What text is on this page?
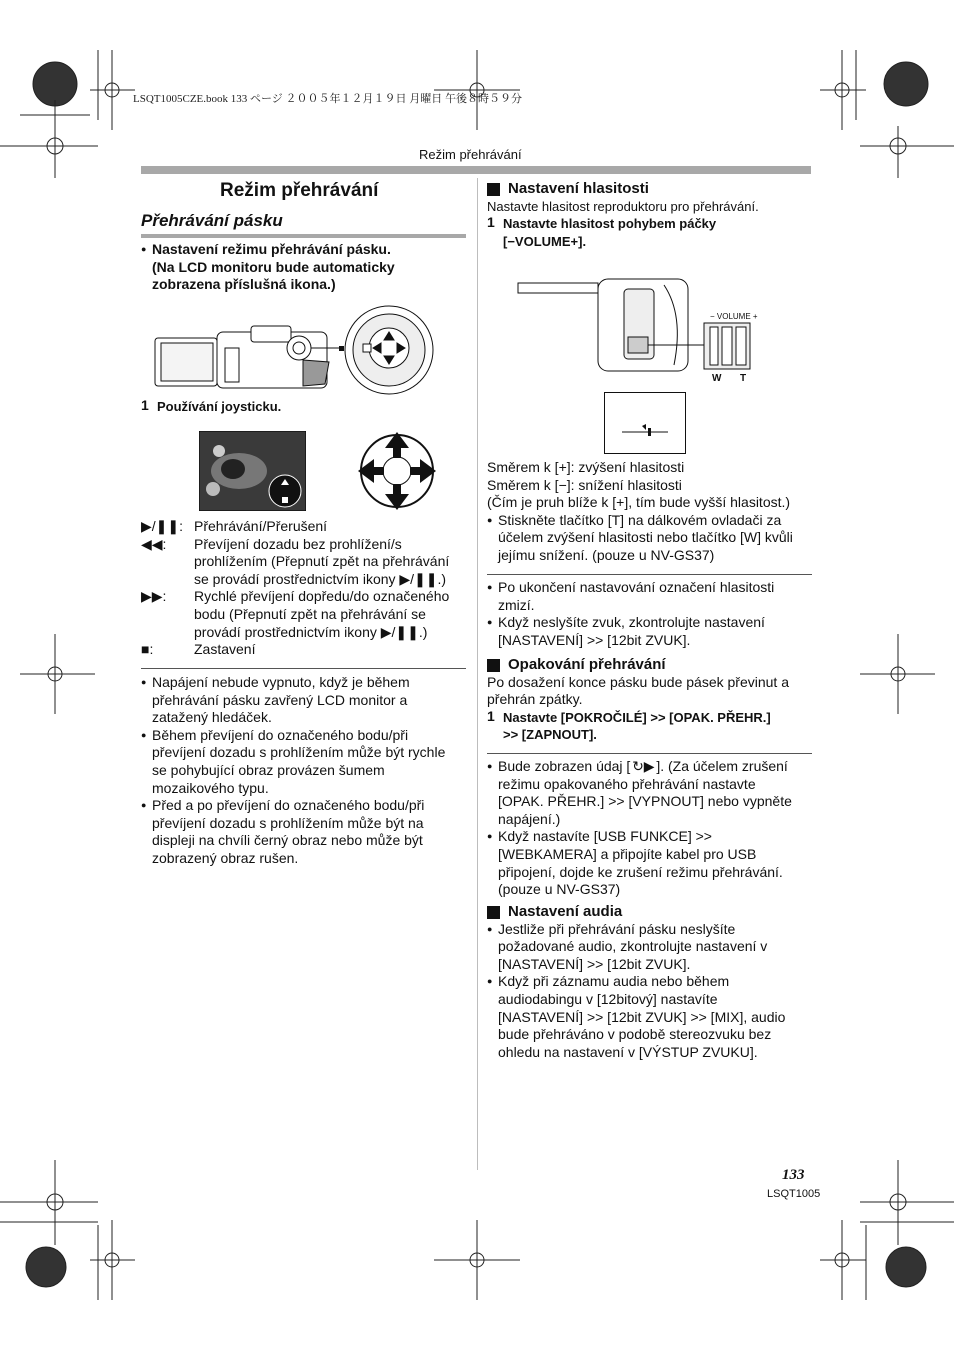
LSQT1005CZE.book 133 ページ ２００５年１２月１９日 月曜日 午後８時５９分
Režim přehrávání
Režim přehrávání
Přehrávání pásku
● Nastavení režimu přehrávání pásku.
(Na LCD monitoru bude automaticky
zobrazena příslušná ikona.)
1 Používání joysticku.
▶/❚❚: Přehrávání/Přerušení
◀◀: Převíjení dozadu bez prohlížení/s
prohlížením (Přepnutí zpět na přehrávání
se provádí prostřednictvím ikony ▶/❚❚.)
▶▶: Rychlé převíjení dopředu/do označeného
bodu (Přepnutí zpět na přehrávání se
provádí prostřednictvím ikony ▶/❚❚.)
■:	Zastavení
● Napájení nebude vypnuto, když je během
přehrávání pásku zavřený LCD monitor a
zatažený hledáček.
● Během převíjení do označeného bodu/při
převíjení dozadu s prohlížením může být rychle
se pohybující obraz provázen šumem
mozaikového typu.
● Před a po převíjení do označeného bodu/při
převíjení dozadu s prohlížením může být na
displeji na chvíli černý obraz nebo může být
zobrazený obraz rušen.
Nastavení hlasitosti
Nastavte hlasitost reproduktoru pro přehrávání.
1 Nastavte hlasitost pohybem páčky
[−VOLUME+].
− VOLUME +
W T
Směrem k [+]: zvýšení hlasitosti
Směrem k [−]: snížení hlasitosti
(Čím je pruh blíže k [+], tím bude vyšší hlasitost.)
● Stiskněte tlačítko [T] na dálkovém ovladači za
účelem zvýšení hlasitosti nebo tlačítko [W] kvůli
jejímu snížení. (pouze u NV-GS37)
● Po ukončení nastavování označení hlasitosti
zmizí.
● Když neslyšíte zvuk, zkontrolujte nastavení
[NASTAVENÍ] >> [12bit ZVUK].
Opakování přehrávání
Po dosažení konce pásku bude pásek převinut a
přehrán zpátky.
1 Nastavte [POKROČILÉ] >> [OPAK. PŘEHR.]
>> [ZAPNOUT].
● Bude zobrazen údaj [ ↻▶ ]. (Za účelem zrušení
režimu opakovaného přehrávání nastavte
[OPAK. PŘEHR.] >> [VYPNOUT] nebo vypněte
napájení.)
● Když nastavíte [USB FUNKCE] >>
[WEBKAMERA] a připojíte kabel pro USB
připojení, dojde ke zrušení režimu přehrávání.
(pouze u NV-GS37)
Nastavení audia
● Jestliže při přehrávání pásku neslyšíte
požadované audio, zkontrolujte nastavení v
[NASTAVENÍ] >> [12bit ZVUK].
● Když při záznamu audia nebo během
audiodabingu v [12bitový] nastavíte
[NASTAVENÍ] >> [12bit ZVUK] >> [MIX], audio
bude přehráváno v podobě stereozvuku bez
ohledu na nastavení v [VÝSTUP ZVUKU].
133
LSQT1005
